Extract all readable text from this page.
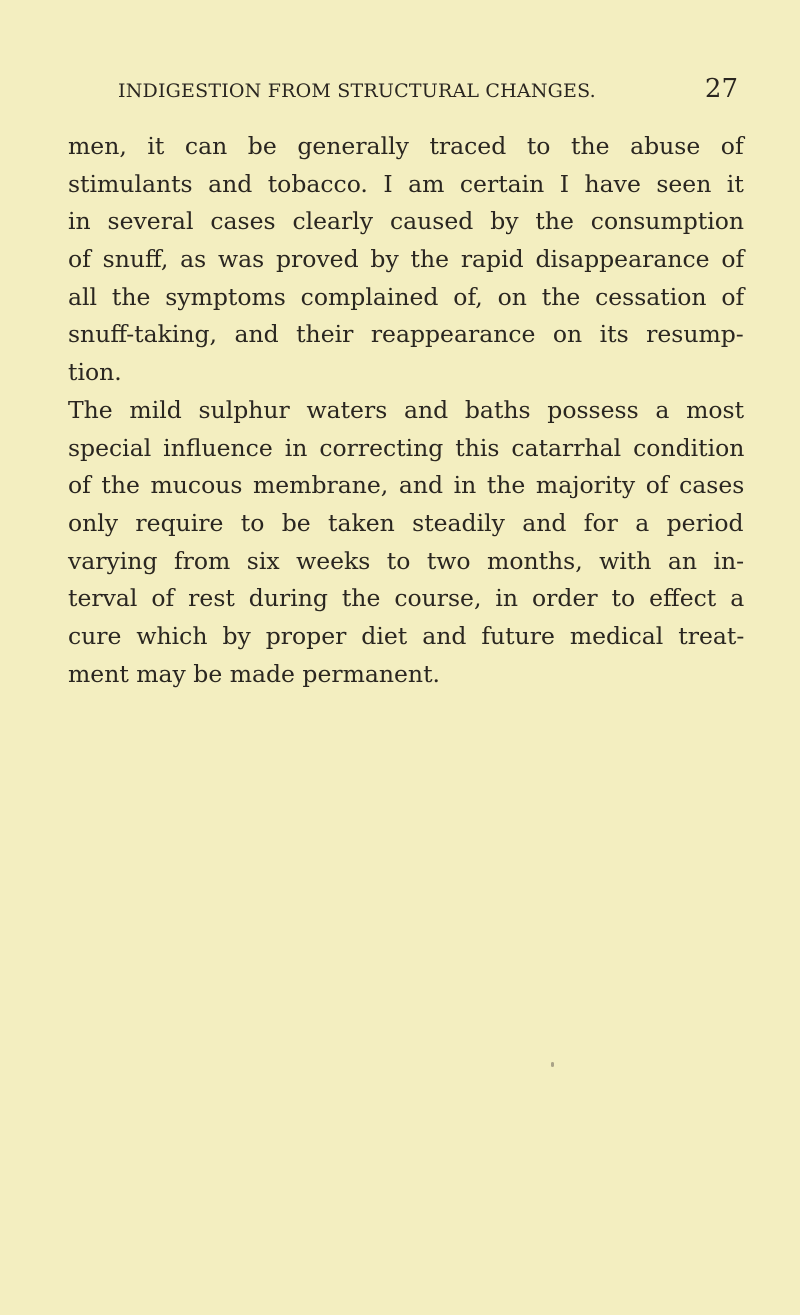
INDIGESTION FROM STRUCTURAL CHANGES.	27
men, it can be generally traced to the abuse of
stimulants and tobacco. I am certain I have seen it
in several cases clearly caused by the consumption
of snuff, as was proved by the rapid disappearance of
all the symptoms complained of, on the cessation of
snuff-taking, and their reappearance on its resump-
tion.
The mild sulphur waters and baths possess a most
special influence in correcting this catarrhal condition
of the mucous membrane, and in the majority of cases
only require to be taken steadily and for a period
varying from six weeks to two months, with an in-
terval of rest during the course, in order to effect a
cure which by proper diet and future medical treat-
ment may be made permanent.
